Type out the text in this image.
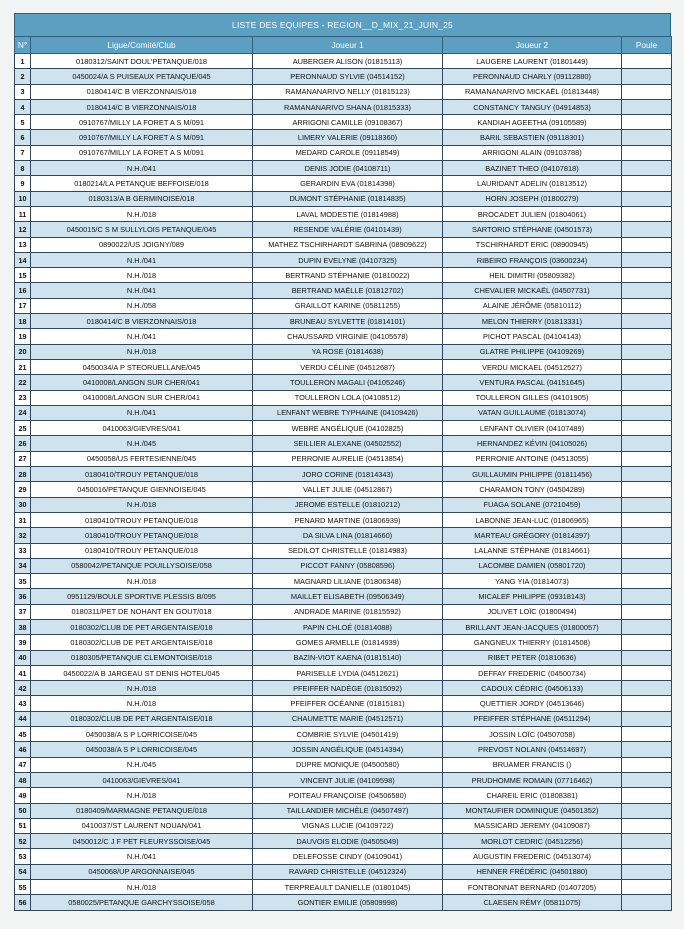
LISTE DES EQUIPES - REGION__D_MIX_21_JUIN_25
N°	Ligue/Comité/Club	Joueur 1	Joueur 2	Poule
1	0180312/SAINT DOUL'PETANQUE/018	AUBERGER ALISON (01815113)	LAUGERE LAURENT (01801449)	
2	0450024/A S PUISEAUX PETANQUE/045	PERONNAUD SYLVIE (04514152)	PERONNAUD CHARLY (09112880)	
3	0180414/C B VIERZONNAIS/018	RAMANANARIVO NELLY (01815123)	RAMANANARIVO MICKAËL (01813448)	
4	0180414/C B VIERZONNAIS/018	RAMANANARIVO SHANA (01815333)	CONSTANCY TANGUY (04914853)	
5	0910767/MILLY LA FORET A S M/091	ARRIGONI CAMILLE (09108367)	KANDIAH AGEETHA (09105589)	
6	0910767/MILLY LA FORET A S M/091	LIMERY VALERIE (09118360)	BARIL SEBASTIEN (09118301)	
7	0910767/MILLY LA FORET A S M/091	MEDARD CAROLE (09118549)	ARRIGONI ALAIN (09103788)	
8	N.H./041	DENIS JODIE (04108711)	BAZINET THEO (04107818)	
9	0180214/LA PETANQUE BEFFOISE/018	GERARDIN EVA (01814398)	LAURIDANT ADELIN (01813512)	
10	0180313/A B GERMINOISE/018	DUMONT STÉPHANIE (01814835)	HORN JOSEPH (01800279)	
11	N.H./018	LAVAL MODESTIE (01814988)	BROCADET JULIEN (01804061)	
12	0450015/C S M SULLYLOIS PETANQUE/045	RESENDE VALÉRIE (04101439)	SARTORIO STÉPHANE (04501573)	
13	0890022/US JOIGNY/089	MATHEZ TSCHIRHARDT SABRINA (08909622)	TSCHIRHARDT ERIC (08900945)	
14	N.H./041	DUPIN EVELYNE (04107325)	RIBEIRO FRANÇOIS (03600234)	
15	N.H./018	BERTRAND STÉPHANIE (01810022)	HEIL DIMITRI (05809382)	
16	N.H./041	BERTRAND MAËLLE (01812702)	CHEVALIER MICKAËL (04507731)	
17	N.H./058	GRAILLOT KARINE (05811255)	ALAINE JÉRÔME (05810112)	
18	0180414/C B VIERZONNAIS/018	BRUNEAU SYLVETTE (01814101)	MELON THIERRY (01813331)	
19	N.H./041	CHAUSSARD VIRGINIE (04105578)	PICHOT PASCAL (04104143)	
20	N.H./018	YA ROSE (01814638)	GLATRE PHILIPPE (04109269)	
21	0450034/A P STEORUELLANE/045	VERDU CÉLINE (04512687)	VERDU MICKAEL (04512527)	
22	0410008/LANGON SUR CHER/041	TOULLERON MAGALI (04105246)	VENTURA PASCAL (04151645)	
23	0410008/LANGON SUR CHER/041	TOULLERON LOLA (04108512)	TOULLERON GILLES (04101905)	
24	N.H./041	LENFANT WEBRE TYPHAINE (04109426)	VATAN GUILLAUME (01813074)	
25	0410063/GIEVRES/041	WEBRE ANGÉLIQUE (04102825)	LENFANT OLIVIER (04107489)	
26	N.H./045	SEILLIER ALEXANE (04502552)	HERNANDEZ KÉVIN (04105026)	
27	0450058/US FERTESIENNE/045	PERRONIE AURELIE (04513854)	PERRONIE ANTOINE (04513055)	
28	0180410/TROUY PETANQUE/018	JORO CORINE (01814343)	GUILLAUMIN PHILIPPE (01811456)	
29	0450016/PETANQUE GIENNOISE/045	VALLET JULIE (04512867)	CHARAMON TONY (04504289)	
30	N.H./018	JEROME ESTELLE (01810212)	FUAGA SOLANE (07210459)	
31	0180410/TROUY PETANQUE/018	PENARD MARTINE (01806939)	LABONNE JEAN-LUC (01806965)	
32	0180410/TROUY PETANQUE/018	DA SILVA LINA (01814660)	MARTEAU GRÉGORY (01814397)	
33	0180410/TROUY PETANQUE/018	SEDILOT CHRISTELLE (01814983)	LALANNE STÉPHANE (01814661)	
34	0580042/PETANQUE POUILLYSOISE/058	PICCOT FANNY (05808596)	LACOMBE DAMIEN (05801720)	
35	N.H./018	MAGNARD LILIANE (01806348)	YANG YIA (01814073)	
36	0951129/BOULE SPORTIVE PLESSIS B/095	MAILLET ELISABETH (09506349)	MICALEF PHILIPPE (09318143)	
37	0180311/PET DE NOHANT EN GOUT/018	ANDRADE MARINE (01815592)	JOLIVET LOÏC (01800494)	
38	0180302/CLUB DE PET ARGENTAISE/018	PAPIN CHLOÉ (01814088)	BRILLANT JEAN-JACQUES (01800057)	
39	0180302/CLUB DE PET ARGENTAISE/018	GOMES ARMELLE (01814939)	GANGNEUX THIERRY (01814508)	
40	0180305/PETANQUE CLEMONTOISE/018	BAZIN-VIOT KAENA (01815140)	RIBET PETER (01810636)	
41	0450022/A B JARGEAU ST DENIS HOTEL/045	PARISELLE LYDIA (04512621)	DEFFAY FREDERIC (04500734)	
42	N.H./018	PFEIFFER NADÈGE (01815092)	CADOUX CÉDRIC (04506133)	
43	N.H./018	PFEIFFER OCÉANNE (01815181)	QUETTIER JORDY (04513646)	
44	0180302/CLUB DE PET ARGENTAISE/018	CHAUMETTE MARIE (04512571)	PFEIFFER STÉPHANE (04511294)	
45	0450038/A S P LORRICOISE/045	COMBRIE SYLVIE (04501419)	JOSSIN LOÏC (04507058)	
46	0450038/A S P LORRICOISE/045	JOSSIN ANGÉLIQUE (04514394)	PREVOST NOLANN (04514697)	
47	N.H./045	DUPRE MONIQUE (04500580)	BRUAMER FRANCIS ()	
48	0410063/GIEVRES/041	VINCENT JULIE (04109598)	PRUDHOMME ROMAIN (07716462)	
49	N.H./018	POITEAU FRANÇOISE (04506580)	CHAREIL ERIC (01808381)	
50	0180409/MARMAGNE PETANQUE/018	TAILLANDIER MICHÈLE (04507497)	MONTAUFIER DOMINIQUE (04501352)	
51	0410037/ST LAURENT NOUAN/041	VIGNAS LUCIE (04109722)	MASSICARD JEREMY (04109087)	
52	0450012/C J F PET FLEURYSSOISE/045	DAUVOIS ELODIE (04505049)	MORLOT CEDRIC (04512256)	
53	N.H./041	DELEFOSSE CINDY (04109041)	AUGUSTIN FREDERIC (04513074)	
54	0450068/UP ARGONNAISE/045	RAVARD CHRISTELLE (04512324)	HENNER FRÉDÉRIC (04501880)	
55	N.H./018	TERPREAULT DANIELLE (01801045)	FONTBONNAT BERNARD (01407205)	
56	0580025/PETANQUE GARCHYSSOISE/058	GONTIER EMILIE (05809998)	CLAESEN RÉMY (05811075)	
